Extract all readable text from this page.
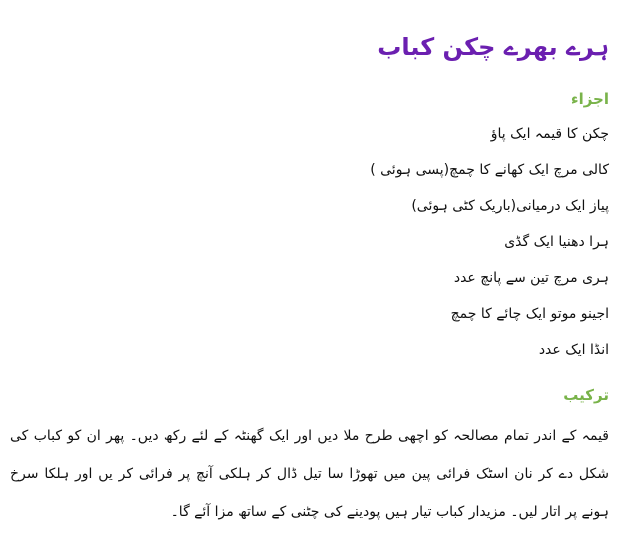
ہرے بھرے چکن کباب
اجزاء
چکن کا قیمہ ایک پاؤ
کالی مرچ ایک کھانے کا چمچ(پسی ہوئی )
پیاز ایک درمیانی(باریک کٹی ہوئی)
ہرا دھنیا ایک گڈی
ہری مرچ تین سے پانچ عدد
اجینو موتو ایک چائے کا چمچ
انڈا ایک عدد
ترکیب

قیمہ کے اندر تمام مصالحہ کو اچھی طرح ملا دیں اور ایک گھنٹہ کے لئے رکھ دیں۔ پھر ان کو کباب کی شکل دے کر نان اسٹک فرائی پین میں تھوڑا سا تیل ڈال کر ہلکی آنچ پر فرائی کر یں اور ہلکا سرخ ہونے پر اتار لیں۔ مزیدار کباب تیار ہیں پودینے کی چٹنی کے ساتھ مزا آئے گا۔
